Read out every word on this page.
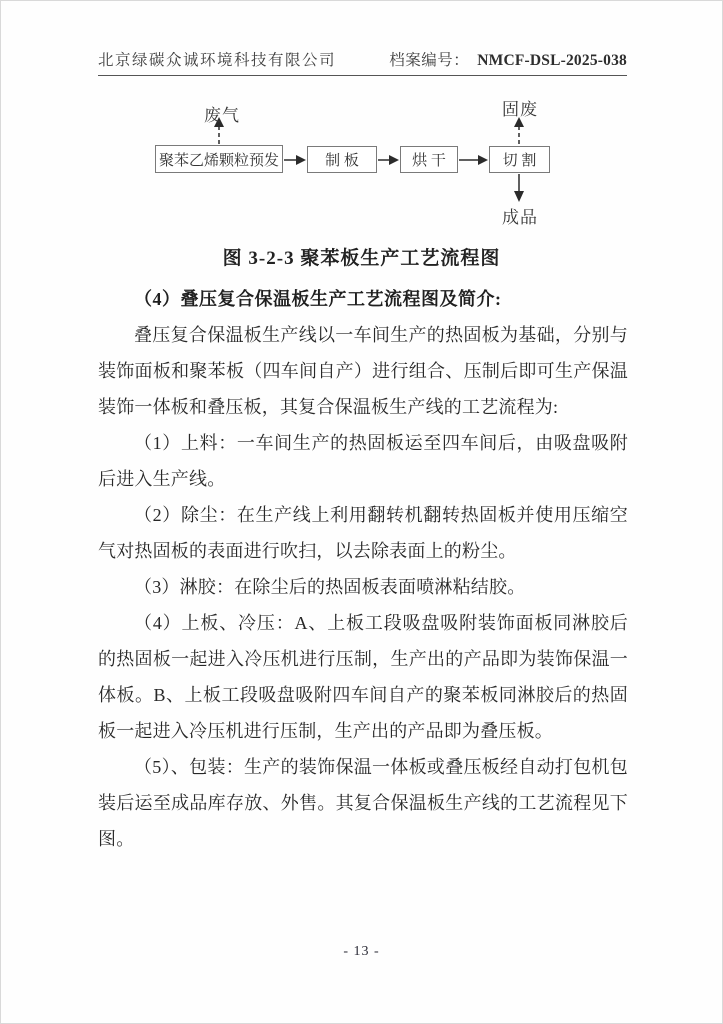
北京绿碳众诚环境科技有限公司	档案编号： NMCF-DSL-2025-038
废气	固废
成品
聚苯乙烯颗粒预发	制 板	烘 干	切 割
图 3-2-3 聚苯板生产工艺流程图
（4）叠压复合保温板生产工艺流程图及简介:

叠压复合保温板生产线以一车间生产的热固板为基础，分别与装饰面板和聚苯板（四车间自产）进行组合、压制后即可生产保温装饰一体板和叠压板，其复合保温板生产线的工艺流程为:

（1）上料：一车间生产的热固板运至四车间后，由吸盘吸附后进入生产线。

（2）除尘：在生产线上利用翻转机翻转热固板并使用压缩空气对热固板的表面进行吹扫，以去除表面上的粉尘。

（3）淋胶：在除尘后的热固板表面喷淋粘结胶。

（4）上板、冷压：A、上板工段吸盘吸附装饰面板同淋胶后的热固板一起进入冷压机进行压制，生产出的产品即为装饰保温一体板。B、上板工段吸盘吸附四车间自产的聚苯板同淋胶后的热固板一起进入冷压机进行压制，生产出的产品即为叠压板。

（5）、包装：生产的装饰保温一体板或叠压板经自动打包机包装后运至成品库存放、外售。其复合保温板生产线的工艺流程见下图。

- 13 -
